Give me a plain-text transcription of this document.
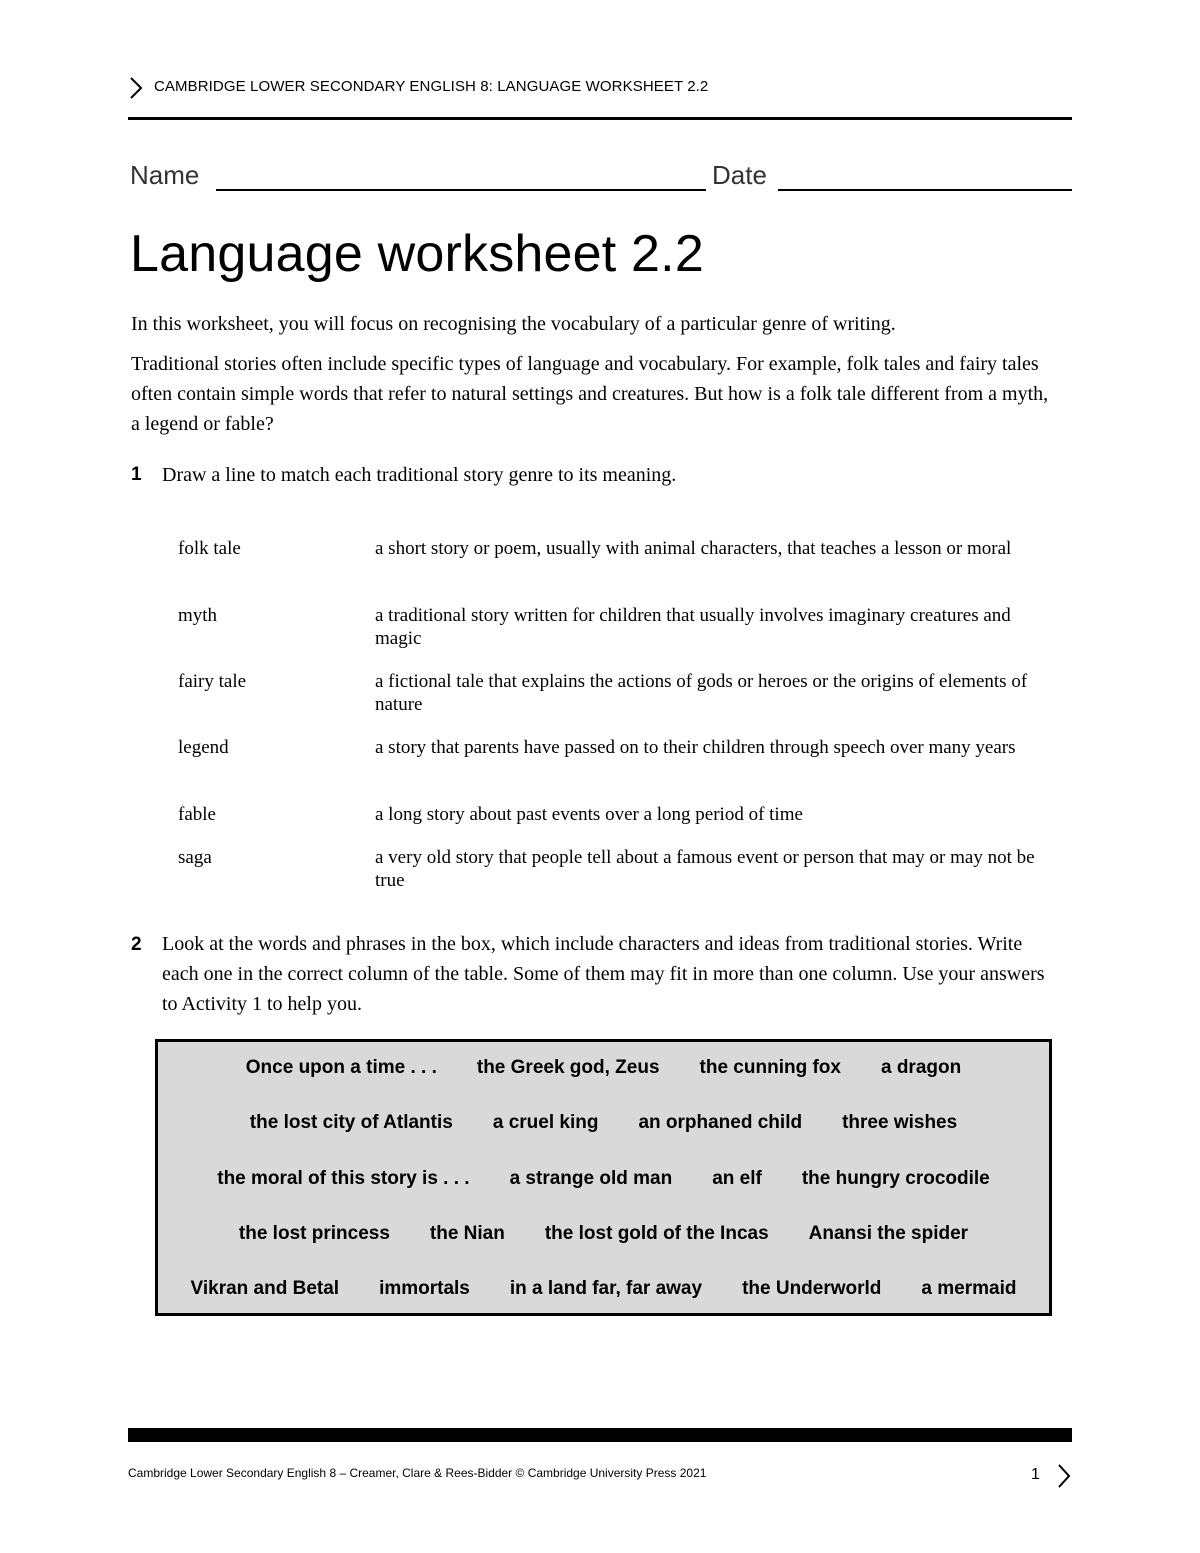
CAMBRIDGE LOWER SECONDARY ENGLISH 8: LANGUAGE WORKSHEET 2.2
Name	Date
Language worksheet 2.2

In this worksheet, you will focus on recognising the vocabulary of a particular genre of writing.

Traditional stories often include specific types of language and vocabulary. For example, folk tales and fairy tales often contain simple words that refer to natural settings and creatures. But how is a folk tale different from a myth, a legend or fable?

1 Draw a line to match each traditional story genre to its meaning.

folk tale	a short story or poem, usually with animal characters, that teaches a lesson or moral
myth	a traditional story written for children that usually involves imaginary creatures and magic
fairy tale	a fictional tale that explains the actions of gods or heroes or the origins of elements of nature
legend	a story that parents have passed on to their children through speech over many years
fable	a long story about past events over a long period of time
saga	a very old story that people tell about a famous event or person that may or may not be true
2 Look at the words and phrases in the box, which include characters and ideas from traditional stories. Write each one in the correct column of the table. Some of them may fit in more than one column. Use your answers to Activity 1 to help you.

Once upon a time . . . the Greek god, Zeus the cunning fox a dragon
the lost city of Atlantis a cruel king an orphaned child three wishes
the moral of this story is . . . a strange old man an elf the hungry crocodile
the lost princess the Nian the lost gold of the Incas Anansi the spider
Vikran and Betal immortals in a land far, far away the Underworld a mermaid
Cambridge Lower Secondary English 8 – Creamer, Clare & Rees-Bidder © Cambridge University Press 2021	1
